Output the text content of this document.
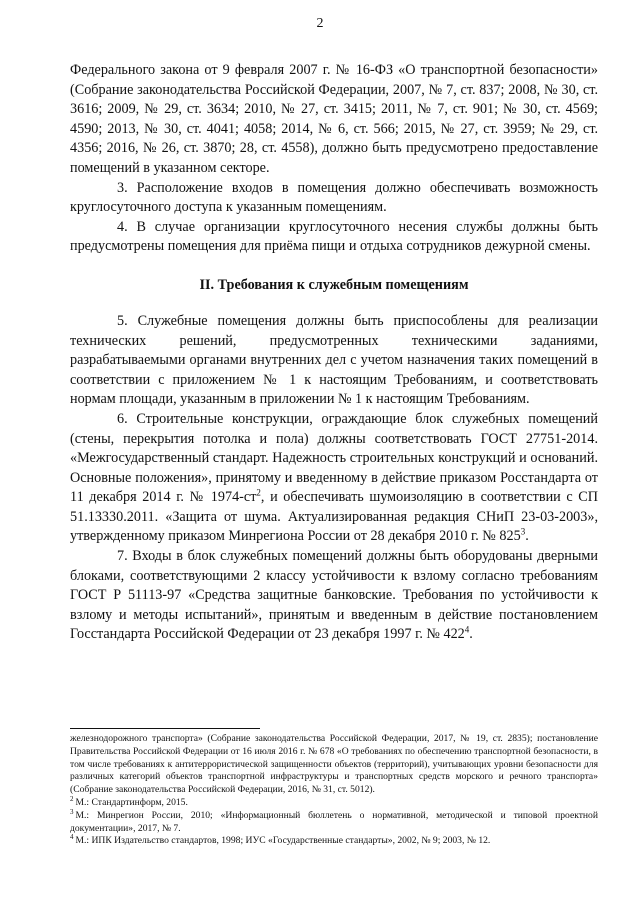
2

Федерального закона от 9 февраля 2007 г. № 16-ФЗ «О транспортной безопасности» (Собрание законодательства Российской Федерации, 2007, № 7, ст. 837; 2008, № 30, ст. 3616; 2009, № 29, ст. 3634; 2010, № 27, ст. 3415; 2011, № 7, ст. 901; № 30, ст. 4569; 4590; 2013, № 30, ст. 4041; 4058; 2014, № 6, ст. 566; 2015, № 27, ст. 3959; № 29, ст. 4356; 2016, № 26, ст. 3870; 28, ст. 4558), должно быть предусмотрено предоставление помещений в указанном секторе.

3. Расположение входов в помещения должно обеспечивать возможность круглосуточного доступа к указанным помещениям.

4. В случае организации круглосуточного несения службы должны быть предусмотрены помещения для приёма пищи и отдыха сотрудников дежурной смены.

II. Требования к служебным помещениям

5. Служебные помещения должны быть приспособлены для реализации технических решений, предусмотренных техническими заданиями, разрабатываемыми органами внутренних дел с учетом назначения таких помещений в соответствии с приложением № 1 к настоящим Требованиям, и соответствовать нормам площади, указанным в приложении № 1 к настоящим Требованиям.

6. Строительные конструкции, ограждающие блок служебных помещений (стены, перекрытия потолка и пола) должны соответствовать ГОСТ 27751-2014. «Межгосударственный стандарт. Надежность строительных конструкций и оснований. Основные положения», принятому и введенному в действие приказом Росстандарта от 11 декабря 2014 г. № $1974-ст^2$, и обеспечивать шумоизоляцию в соответствии с СП 51.13330.2011. «Защита от шума. Актуализированная редакция СНиП 23-03-2003», утвержденному приказом Минрегиона России от 28 декабря 2010 г. № $825^3$.

7. Входы в блок служебных помещений должны быть оборудованы дверными блоками, соответствующими 2 классу устойчивости к взлому согласно требованиям ГОСТ Р 51113-97 «Средства защитные банковские. Требования по устойчивости к взлому и методы испытаний», принятым и введенным в действие постановлением Госстандарта Российской Федерации от 23 декабря 1997 г. № $422^4$.

железнодорожного транспорта» (Собрание законодательства Российской Федерации, 2017, № 19, ст. 2835); постановление Правительства Российской Федерации от 16 июля 2016 г. № 678 «О требованиях по обеспечению транспортной безопасности, в том числе требованиях к антитеррористической защищенности объектов (территорий), учитывающих уровни безопасности для различных категорий объектов транспортной инфраструктуры и транспортных средств морского и речного транспорта» (Собрание законодательства Российской Федерации, 2016, № 31, ст. 5012).

$^2$ М.: Стандартинформ, 2015.

$^3$ М.: Минрегион России, 2010; «Информационный бюллетень о нормативной, методической и типовой проектной документации», 2017, № 7.

$^4$ М.: ИПК Издательство стандартов, 1998; ИУС «Государственные стандарты», 2002, № 9; 2003, № 12.
